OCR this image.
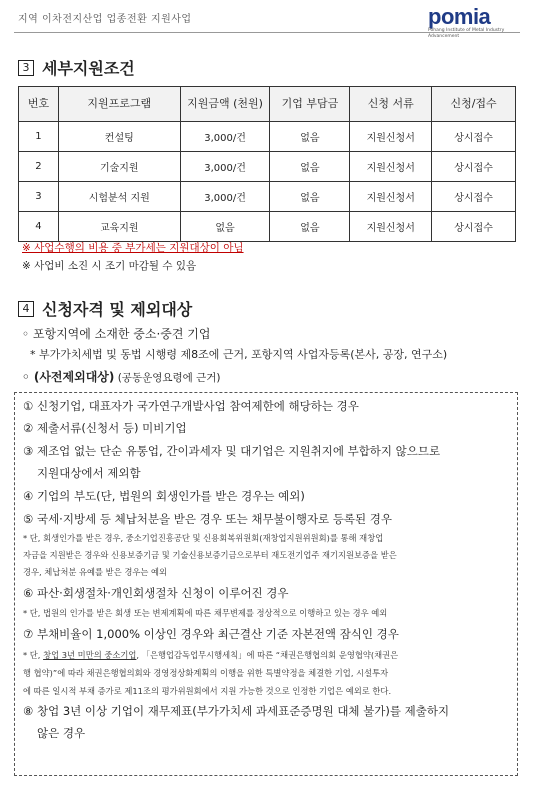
지역 이차전지산업 업종전환 지원사업	pomia
Pohang Institute of Metal Industry Advancement
3 세부지원조건
번호	지원프로그램	지원금액 (천원)	기업 부담금	신청 서류	신청/접수
1	컨설팅	3,000/건	없음	지원신청서	상시접수
2	기술지원	3,000/건	없음	지원신청서	상시접수
3	시험분석 지원	3,000/건	없음	지원신청서	상시접수
4	교육지원	없음	없음	지원신청서	상시접수
※ 사업수행의 비용 중 부가세는 지원대상이 아님
※ 사업비 소진 시 조기 마감될 수 있음
4 신청자격 및 제외대상
◦ 포항지역에 소재한 중소·중견 기업
* 부가가치세법 및 동법 시행령 제8조에 근거, 포항지역 사업자등록(본사, 공장, 연구소)
◦ (사전제외대상) (공동운영요령에 근거)
① 신청기업, 대표자가 국가연구개발사업 참여제한에 해당하는 경우
② 제출서류(신청서 등) 미비기업
③ 제조업 없는 단순 유통업, 간이과세자 및 대기업은 지원취지에 부합하지 않으므로
지원대상에서 제외함
④ 기업의 부도(단, 법원의 회생인가를 받은 경우는 예외)
⑤ 국세·지방세 등 체납처분을 받은 경우 또는 채무불이행자로 등록된 경우
* 단, 회생인가를 받은 경우, 중소기업진흥공단 및 신용회복위원회(재창업지원위원회)를 통해 재창업
자금을 지원받은 경우와 신용보증기금 및 기술신용보증기금으로부터 재도전기업주 재기지원보증을 받은
경우, 체납처분 유예를 받은 경우는 예외
⑥ 파산·회생절차·개인회생절차 신청이 이루어진 경우
* 단, 법원의 인가를 받은 회생 또는 변제계획에 따른 채무변제를 정상적으로 이행하고 있는 경우 예외
⑦ 부채비율이 1,000% 이상인 경우와 최근결산 기준 자본전액 잠식인 경우
* 단, 창업 3년 미만의 중소기업, 「은행업감독업무시행세칙」에 따른 “채권은행협의회 운영협약(채권은
행 협약)”에 따라 채권은행협의회와 경영정상화계획의 이행을 위한 특별약정을 체결한 기업, 시설투자
에 따른 일시적 부채 증가로 제11조의 평가위원회에서 지원 가능한 것으로 인정한 기업은 예외로 한다.
⑧ 창업 3년 이상 기업이 재무제표(부가가치세 과세표준증명원 대체 불가)를 제출하지
않은 경우
